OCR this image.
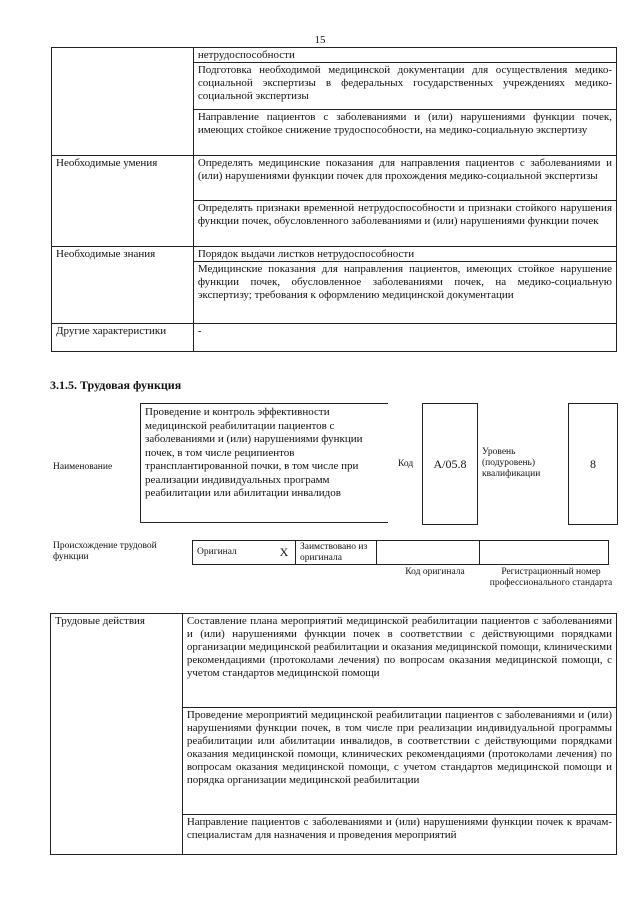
15
	нетрудоспособности
	Подготовка необходимой медицинской документации для осуществления медико-социальной экспертизы в федеральных государственных учреждениях медико-социальной экспертизы
	Направление пациентов с заболеваниями и (или) нарушениями функции почек, имеющих стойкое снижение трудоспособности, на медико-социальную экспертизу
Необходимые умения	Определять медицинские показания для направления пациентов с заболеваниями и (или) нарушениями функции почек для прохождения медико-социальной экспертизы
	Определять признаки временной нетрудоспособности и признаки стойкого нарушения функции почек, обусловленного заболеваниями и (или) нарушениями функции почек
Необходимые знания	Порядок выдачи листков нетрудоспособности
	Медицинские показания для направления пациентов, имеющих стойкое нарушение функции почек, обусловленное заболеваниями почек, на медико-социальную экспертизу; требования к оформлению медицинской документации
Другие характеристики	-
3.1.5. Трудовая функция
Наименование
Проведение и контроль эффективности медицинской реабилитации пациентов с заболеваниями и (или) нарушениями функции почек, в том числе реципиентов трансплантированной почки, в том числе при реализации индивидуальных программ реабилитации или абилитации инвалидов
Код	A/05.8
Уровень (подуровень) квалификации
8
Происхождение трудовой функции	Оригинал	X	Заимствовано из оригинала		
Код оригинала	Регистрационный номер профессионального стандарта
Трудовые действия	Составление плана мероприятий медицинской реабилитации пациентов с заболеваниями и (или) нарушениями функции почек в соответствии с действующими порядками организации медицинской реабилитации и оказания медицинской помощи, клиническими рекомендациями (протоколами лечения) по вопросам оказания медицинской помощи, с учетом стандартов медицинской помощи
Проведение мероприятий медицинской реабилитации пациентов с заболеваниями и (или) нарушениями функции почек, в том числе при реализации индивидуальной программы реабилитации или абилитации инвалидов, в соответствии с действующими порядками оказания медицинской помощи, клинических рекомендациями (протоколами лечения) по вопросам оказания медицинской помощи, с учетом стандартов медицинской помощи и порядка организации медицинской реабилитации
Направление пациентов с заболеваниями и (или) нарушениями функции почек к врачам-специалистам для назначения и проведения мероприятий
